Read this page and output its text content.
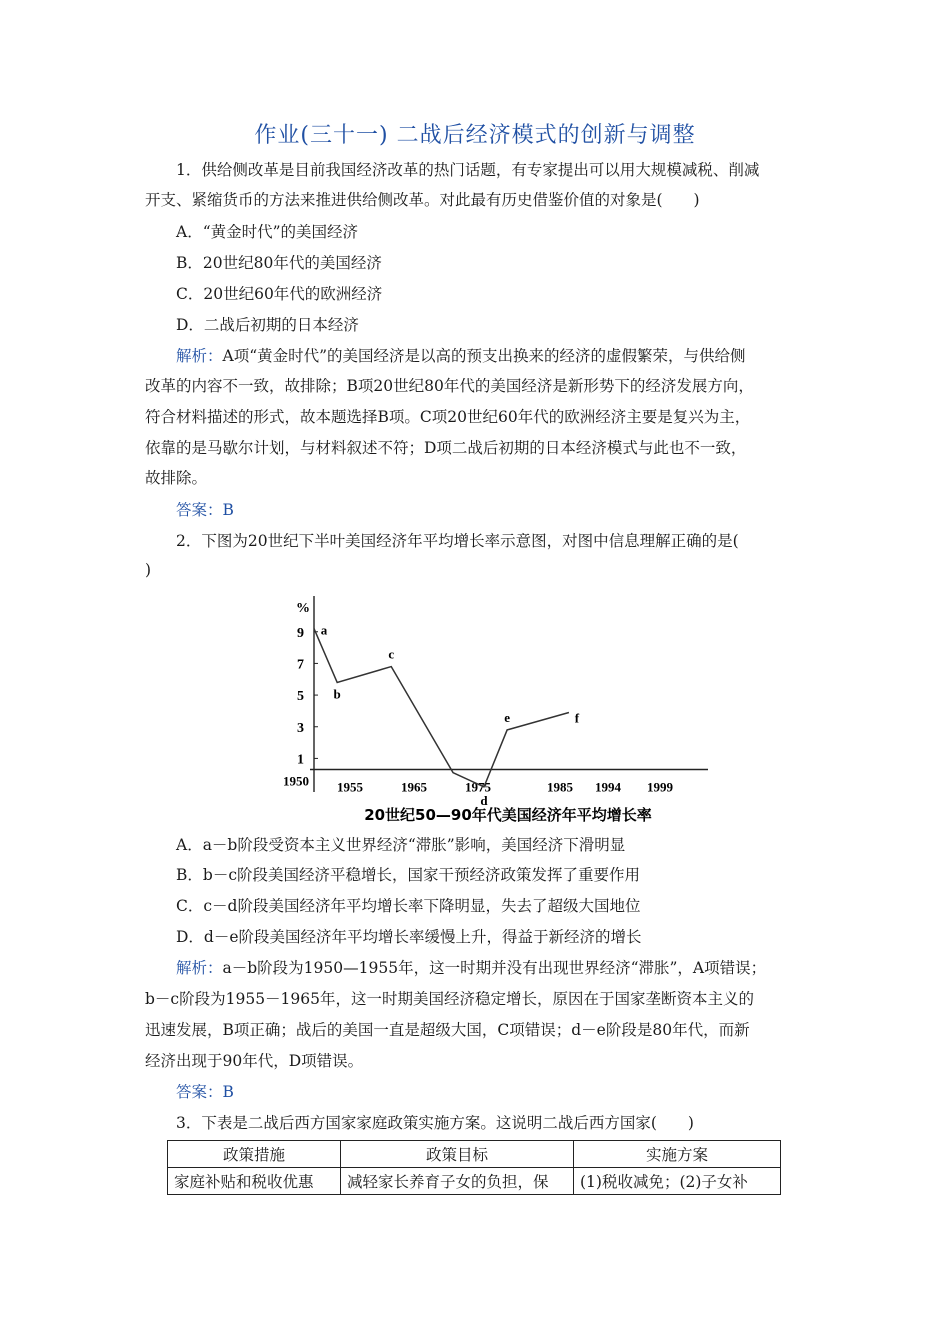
作业(三十一) 二战后经济模式的创新与调整
1．供给侧改革是目前我国经济改革的热门话题，有专家提出可以用大规模减税、削减
开支、紧缩货币的方法来推进供给侧改革。对此最有历史借鉴价值的对象是(　　)
A．“黄金时代”的美国经济
B．20世纪80年代的美国经济
C．20世纪60年代的欧洲经济
D．二战后初期的日本经济
解析：A项“黄金时代”的美国经济是以高的预支出换来的经济的虚假繁荣，与供给侧
改革的内容不一致，故排除；B项20世纪80年代的美国经济是新形势下的经济发展方向，
符合材料描述的形式，故本题选择B项。C项20世纪60年代的欧洲经济主要是复兴为主，
依靠的是马歇尔计划，与材料叙述不符；D项二战后初期的日本经济模式与此也不一致，
故排除。
答案：B
2．下图为20世纪下半叶美国经济年平均增长率示意图，对图中信息理解正确的是(
)
%
9
7
5
3
1
1950 1955	1965	1975	1985 1994 1999
a
b
c
d
e	f
20世纪50—90年代美国经济年平均增长率
A．a－b阶段受资本主义世界经济“滞胀”影响，美国经济下滑明显
B．b－c阶段美国经济平稳增长，国家干预经济政策发挥了重要作用
C．c－d阶段美国经济年平均增长率下降明显，失去了超级大国地位
D．d－e阶段美国经济年平均增长率缓慢上升，得益于新经济的增长
解析：a－b阶段为1950—1955年，这一时期并没有出现世界经济“滞胀”，A项错误；
b－c阶段为1955－1965年，这一时期美国经济稳定增长，原因在于国家垄断资本主义的
迅速发展，B项正确；战后的美国一直是超级大国，C项错误；d－e阶段是80年代，而新
经济出现于90年代，D项错误。
答案：B
3．下表是二战后西方国家家庭政策实施方案。这说明二战后西方国家(　　)
政策措施	政策目标	实施方案
家庭补贴和税收优惠	减轻家长养育子女的负担，保	(1)税收减免；(2)子女补
